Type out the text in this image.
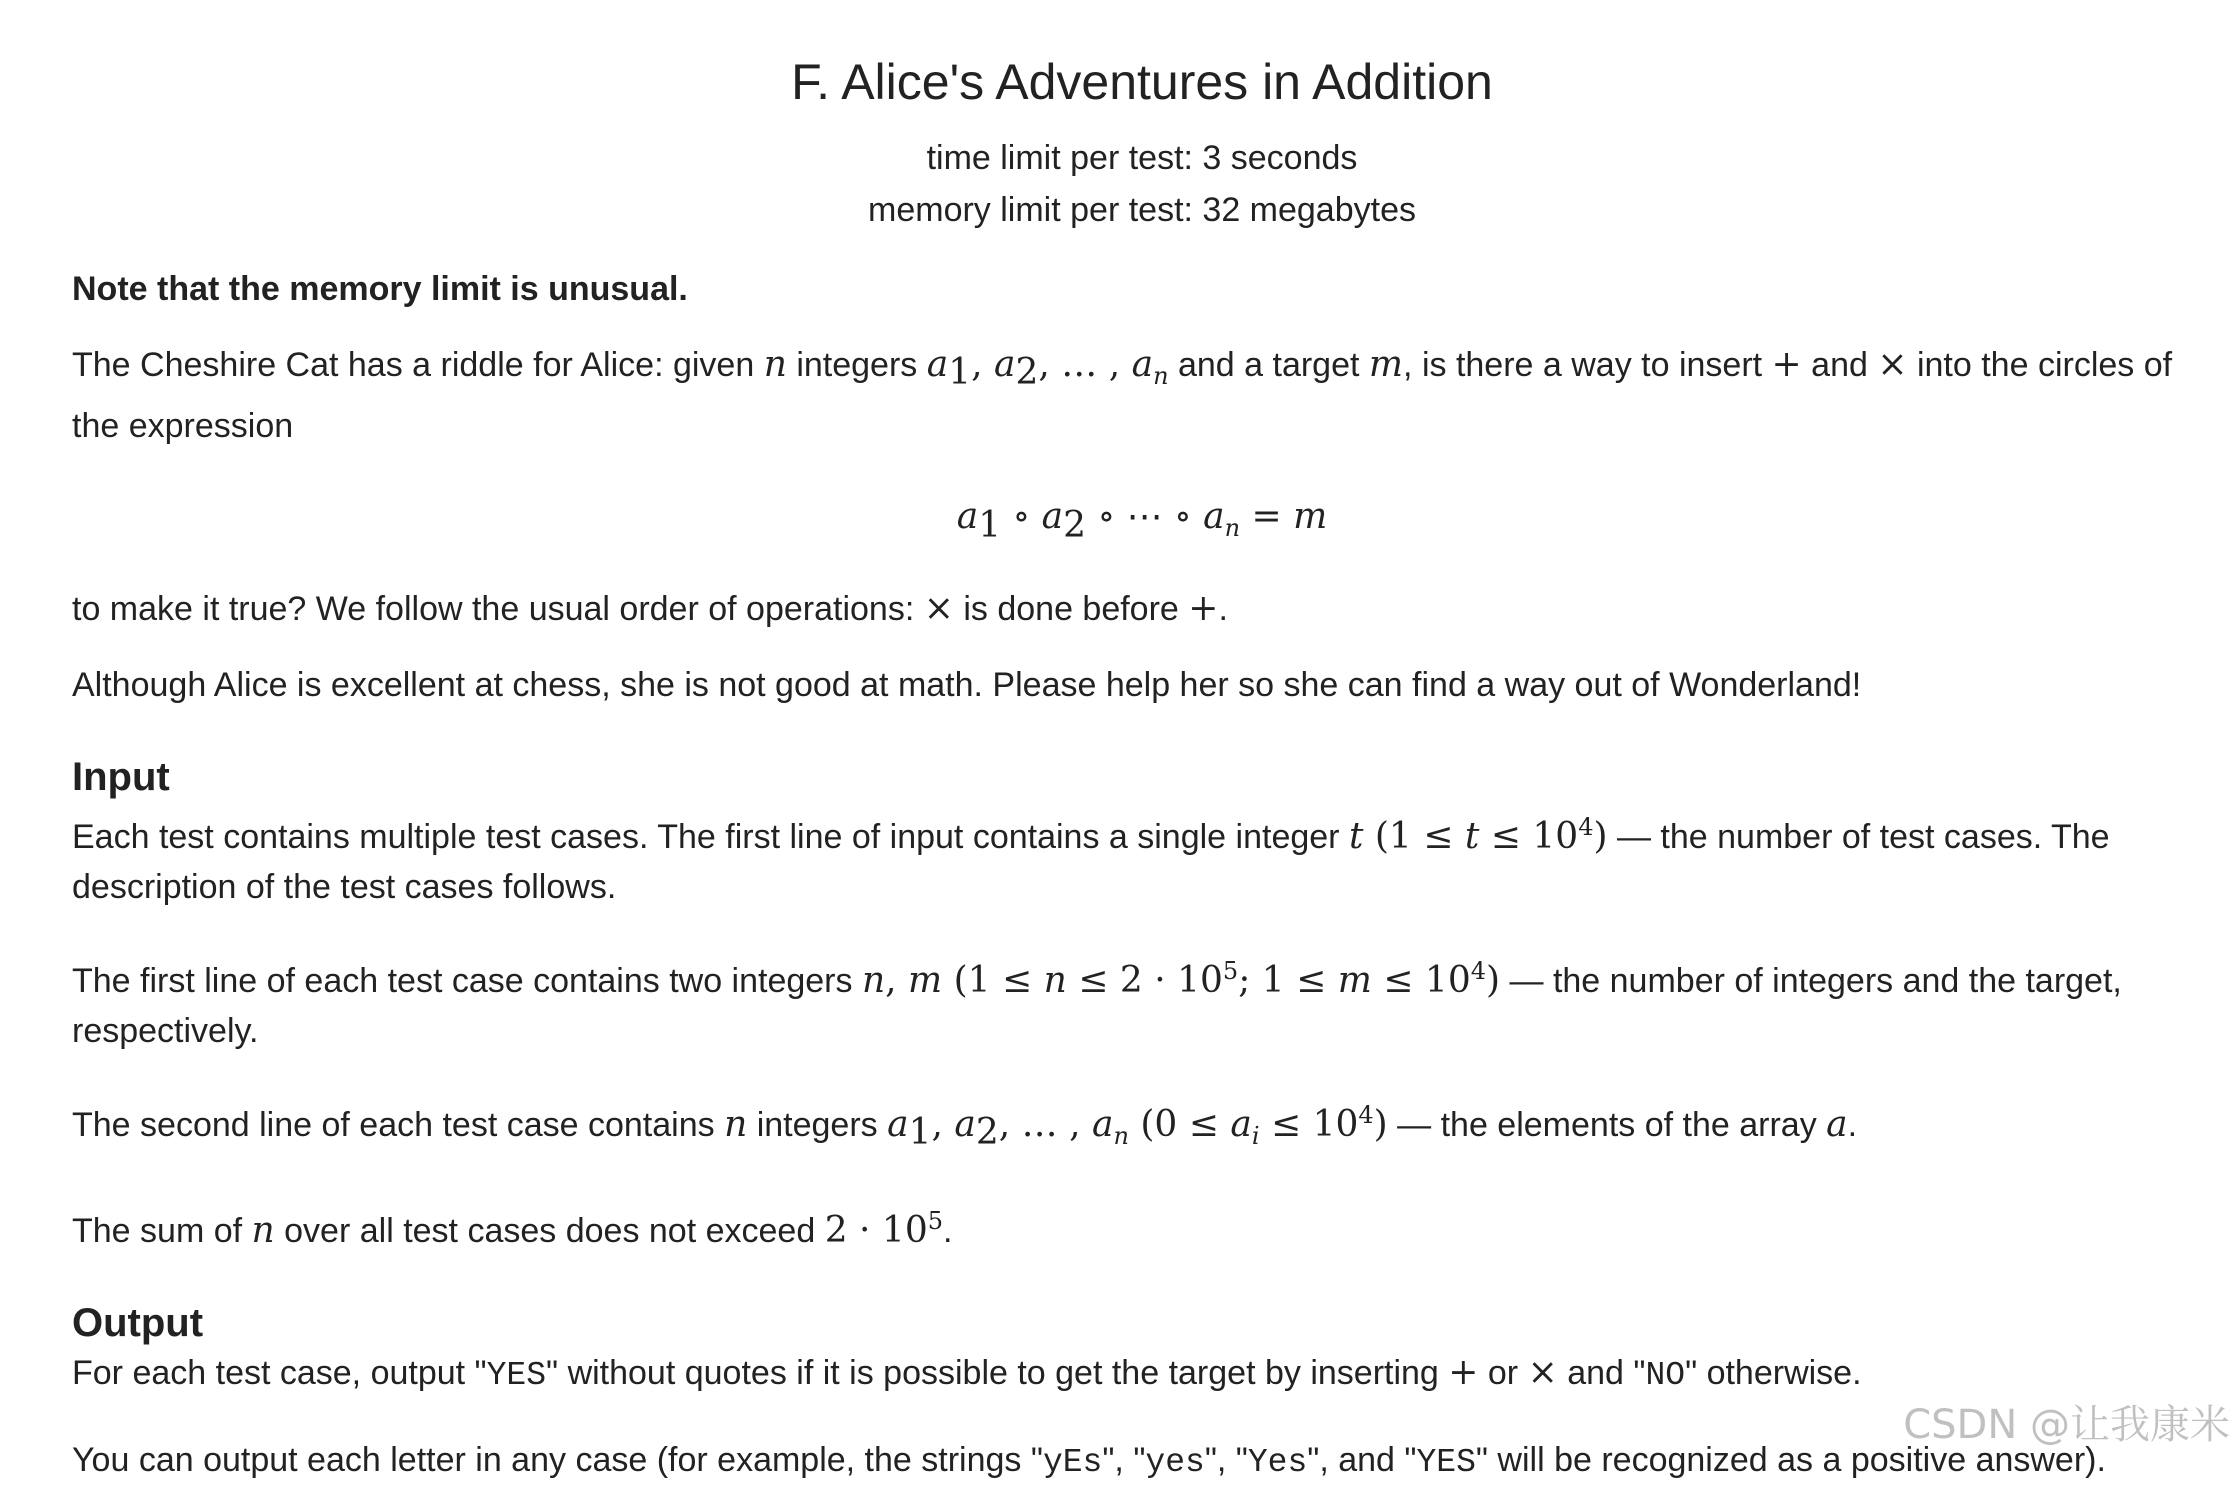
F. Alice's Adventures in Addition
time limit per test: 3 seconds
memory limit per test: 32 megabytes

Note that the memory limit is unusual.

The Cheshire Cat has a riddle for Alice: given n integers $a_1$, $a_2$, … , $a_n$ and a target m, is there a way to insert + and × into the circles of the expression

$a_1$ ∘ $a_2$ ∘ ⋯ ∘ $a_n = m$

to make it true? We follow the usual order of operations: × is done before +.

Although Alice is excellent at chess, she is not good at math. Please help her so she can find a way out of Wonderland!

Input

Each test contains multiple test cases. The first line of input contains a single integer t $(1 \le t \le 10^4)$ — the number of test cases. The description of the test cases follows.

The first line of each test case contains two integers n, m ($1 \le n \le 2 \cdot 10^5$; $1 \le m \le 10^4$) — the number of integers and the target, respectively.

The second line of each test case contains n integers $a_1$, $a_2$, … , $a_n$ $(0 \le a_i \le 10^4)$ — the elements of the array a.

The sum of n over all test cases does not exceed $2 \cdot 10^5$.

Output

For each test case, output "YES" without quotes if it is possible to get the target by inserting + or × and "NO" otherwise.

You can output each letter in any case (for example, the strings "yEs", "yes", "Yes", and "YES" will be recognized as a positive answer).

CSDN @让我康米
